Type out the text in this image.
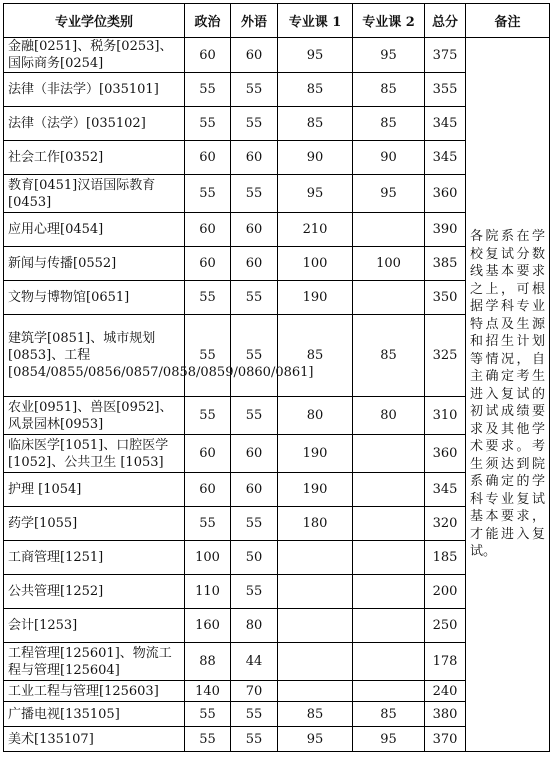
专业学位类别	政治	外语	专业课 1	专业课 2	总分	备注
金融[0251]、税务[0253]、国际商务[0254]	60	60	95	95	375	各院系在学校复试分数线基本要求之上，可根据学科专业特点及生源和招生计划等情况，自主确定考生进入复试的初试成绩要求及其他学术要求。考生须达到院系确定的学科专业复试基本要求，才能进入复试。
法律（非法学）[035101]	55	55	85	85	355	
法律（法学）[035102]	55	55	85	85	345	
社会工作[0352]	60	60	90	90	345	
教育[0451]汉语国际教育[0453]	55	55	95	95	360	
应用心理[0454]	60	60	210		390	
新闻与传播[0552]	60	60	100	100	385	
文物与博物馆[0651]	55	55	190		350	
建筑学[0851]、城市规划[0853]、工程[0854/0855/0856/0857/0858/0859/0860/0861]	55	55	85	85	325	
农业[0951]、兽医[0952]、风景园林[0953]	55	55	80	80	310	
临床医学[1051]、口腔医学[1052]、公共卫生 [1053]	60	60	190		360	
护理 [1054]	60	60	190		345	
药学[1055]	55	55	180		320	
工商管理[1251]	100	50			185	
公共管理[1252]	110	55			200	
会计[1253]	160	80			250	
工程管理[125601]、物流工程与管理[125604]	88	44			178	
工业工程与管理[125603]	140	70			240	
广播电视[135105]	55	55	85	85	380	
美术[135107]	55	55	95	95	370	
